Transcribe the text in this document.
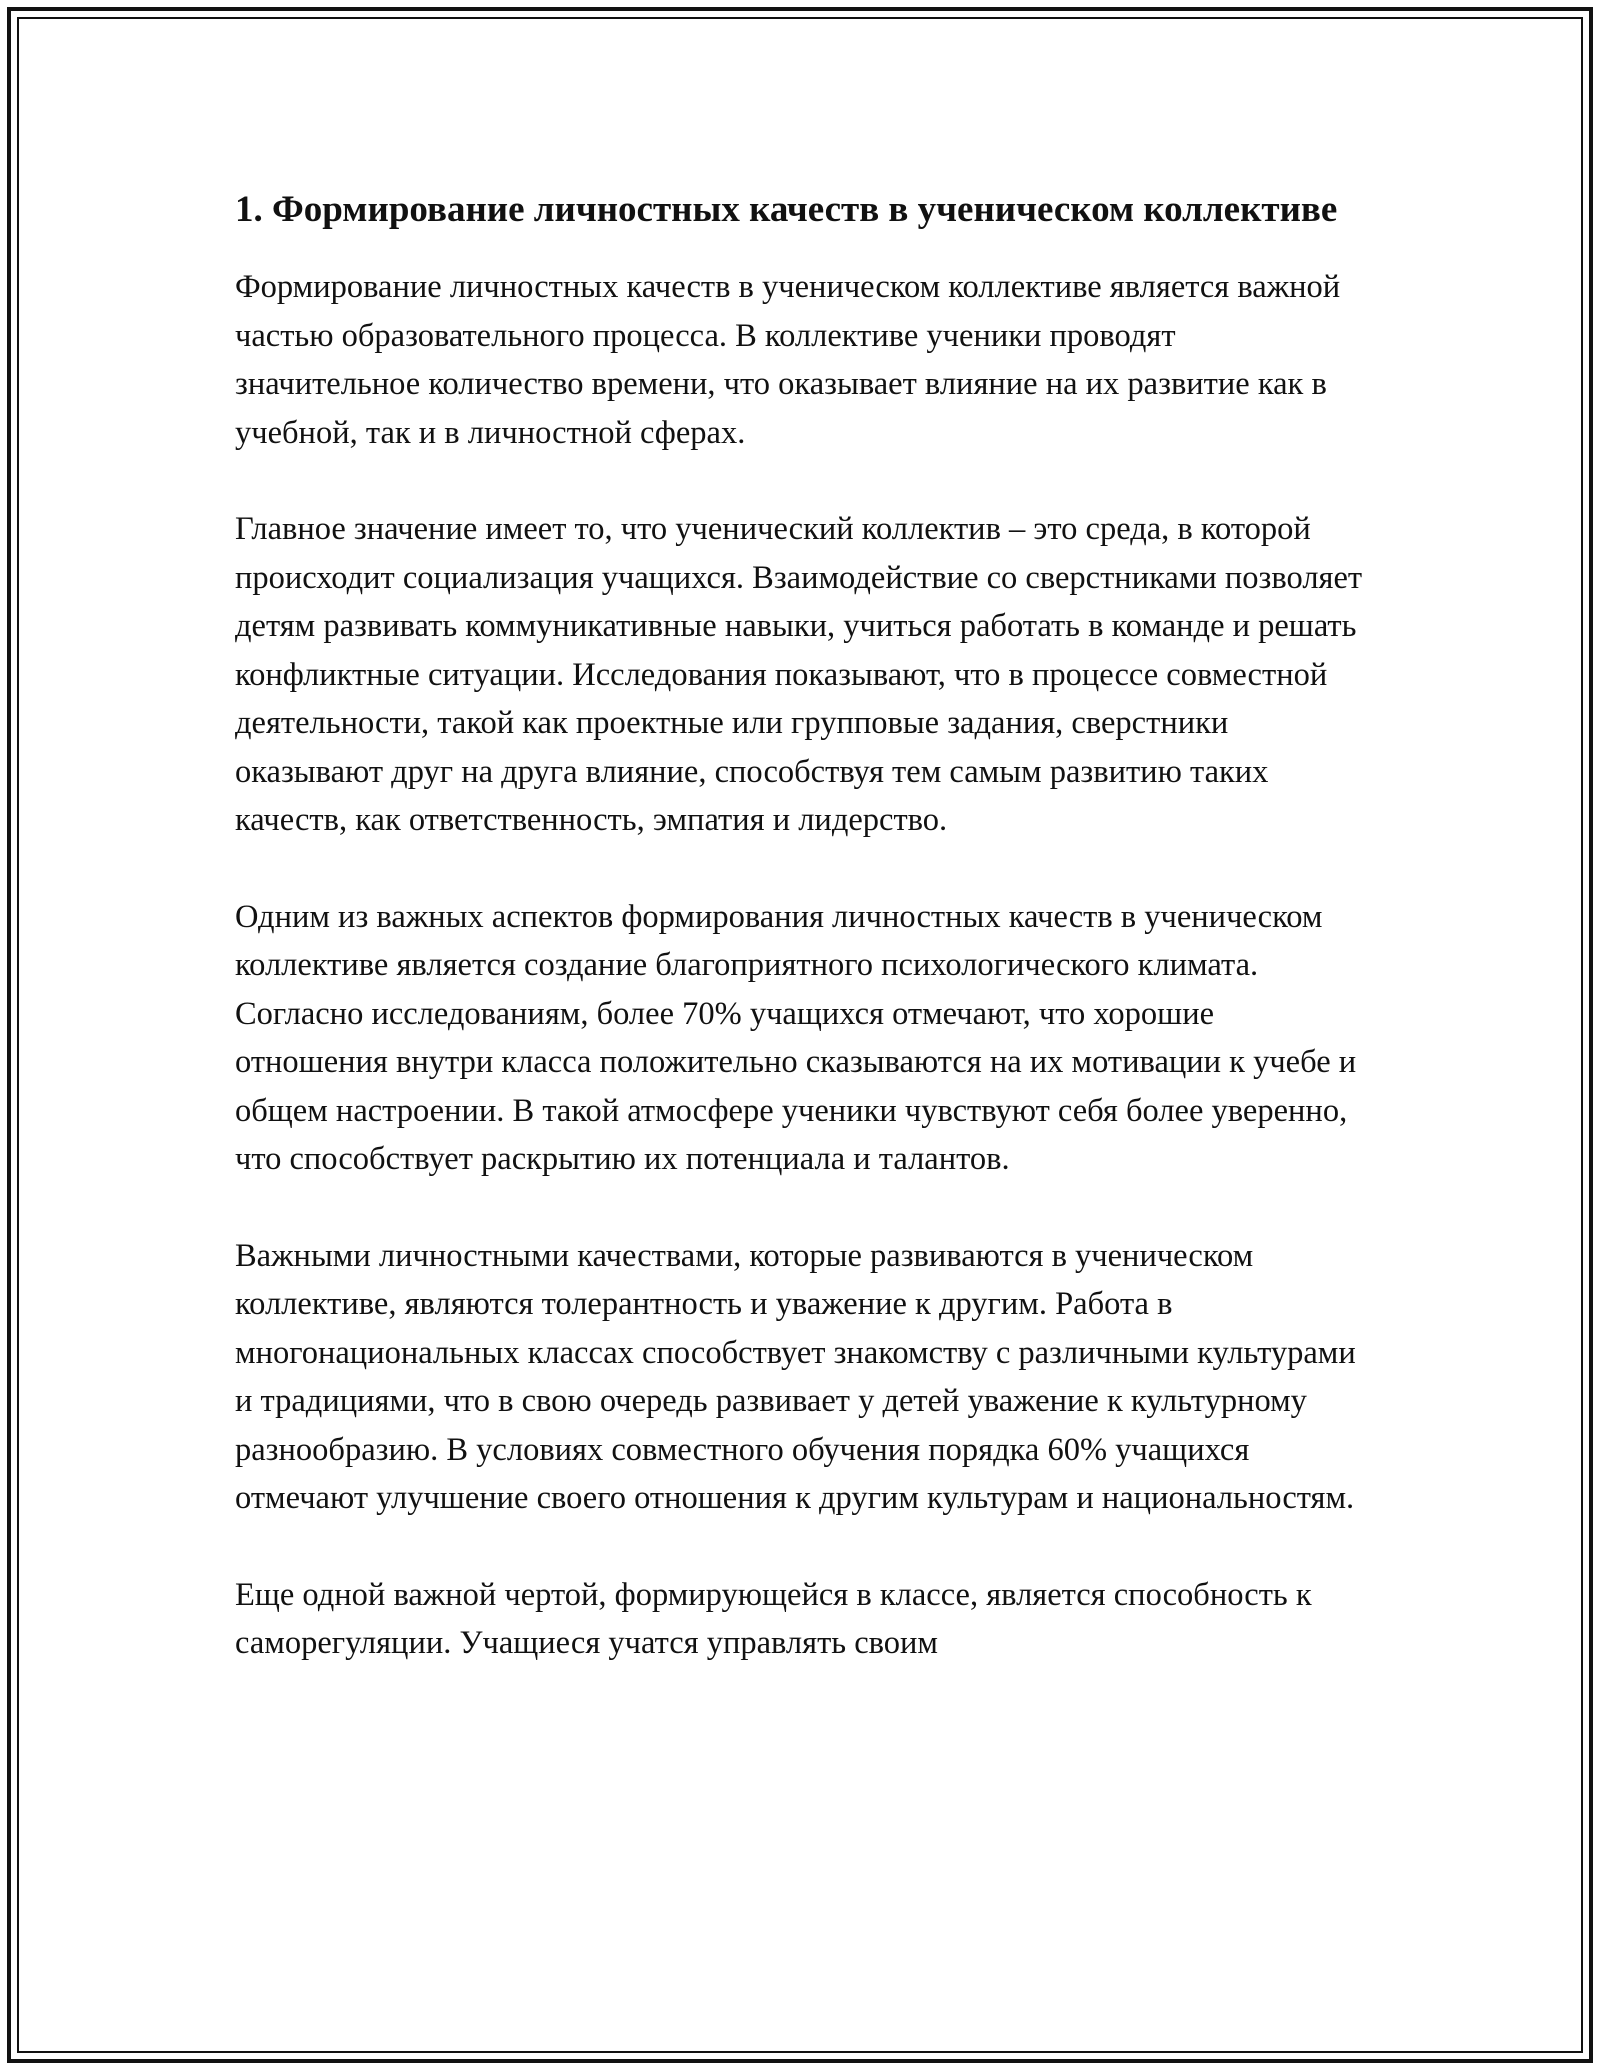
1. Формирование личностных качеств в ученическом коллективе

Формирование личностных качеств в ученическом коллективе является важной частью образовательного процесса. В коллективе ученики проводят значительное количество времени, что оказывает влияние на их развитие как в учебной, так и в личностной сферах.

Главное значение имеет то, что ученический коллектив – это среда, в которой происходит социализация учащихся. Взаимодействие со сверстниками позволяет детям развивать коммуникативные навыки, учиться работать в команде и решать конфликтные ситуации. Исследования показывают, что в процессе совместной деятельности, такой как проектные или групповые задания, сверстники оказывают друг на друга влияние, способствуя тем самым развитию таких качеств, как ответственность, эмпатия и лидерство.

Одним из важных аспектов формирования личностных качеств в ученическом коллективе является создание благоприятного психологического климата. Согласно исследованиям, более 70% учащихся отмечают, что хорошие отношения внутри класса положительно сказываются на их мотивации к учебе и общем настроении. В такой атмосфере ученики чувствуют себя более уверенно, что способствует раскрытию их потенциала и талантов.

Важными личностными качествами, которые развиваются в ученическом коллективе, являются толерантность и уважение к другим. Работа в многонациональных классах способствует знакомству с различными культурами и традициями, что в свою очередь развивает у детей уважение к культурному разнообразию. В условиях совместного обучения порядка 60% учащихся отмечают улучшение своего отношения к другим культурам и национальностям.

Еще одной важной чертой, формирующейся в классе, является способность к саморегуляции. Учащиеся учатся управлять своим
